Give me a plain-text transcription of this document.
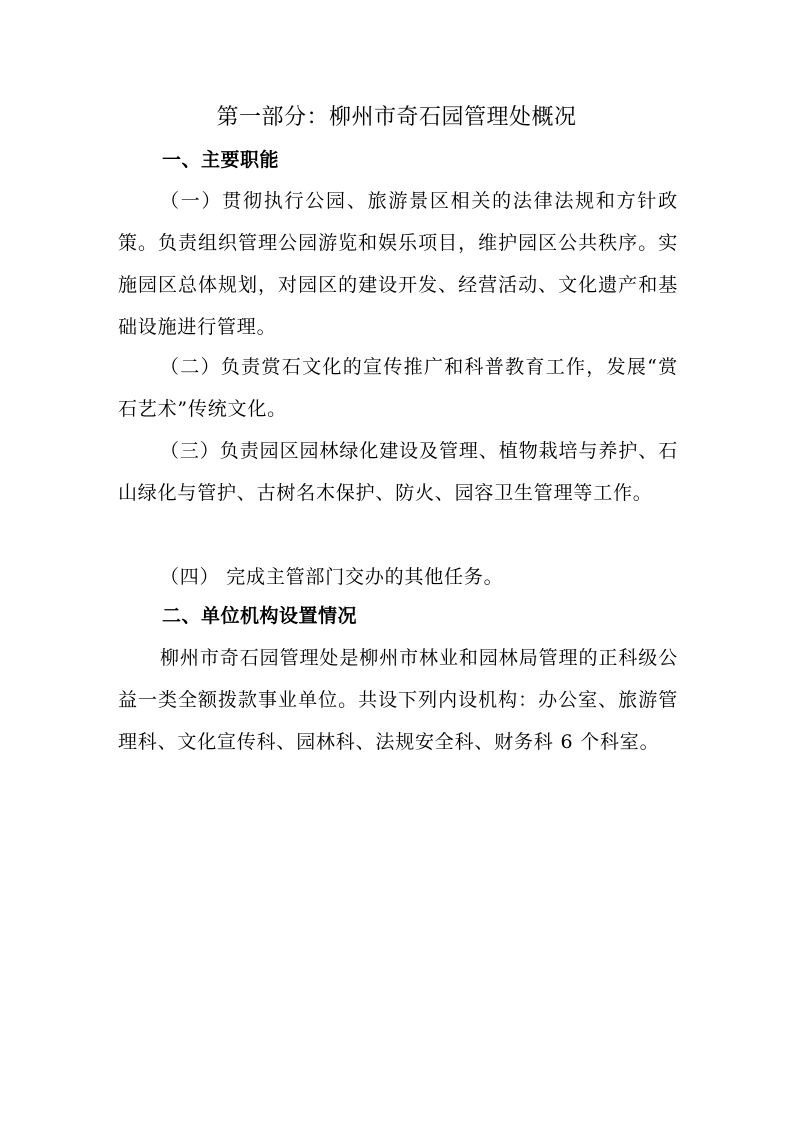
第一部分：柳州市奇石园管理处概况
一、主要职能

（一）贯彻执行公园、旅游景区相关的法律法规和方针政策。负责组织管理公园游览和娱乐项目，维护园区公共秩序。实施园区总体规划，对园区的建设开发、经营活动、文化遗产和基础设施进行管理。

（二）负责赏石文化的宣传推广和科普教育工作，发展“赏石艺术”传统文化。

（三）负责园区园林绿化建设及管理、植物栽培与养护、石山绿化与管护、古树名木保护、防火、园容卫生管理等工作。

（四） 完成主管部门交办的其他任务。

二、单位机构设置情况

柳州市奇石园管理处是柳州市林业和园林局管理的正科级公益一类全额拨款事业单位。共设下列内设机构：办公室、旅游管理科、文化宣传科、园林科、法规安全科、财务科 6 个科室。
